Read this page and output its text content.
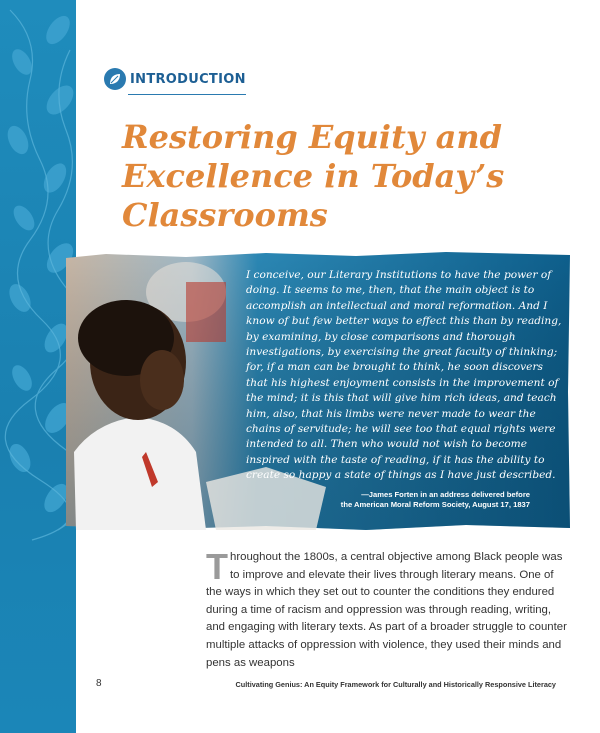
INTRODUCTION
Restoring Equity and Excellence in Today’s Classrooms

I conceive, our Literary Institutions to have the power of doing. It seems to me, then, that the main object is to accomplish an intellectual and moral reformation. And I know of but few better ways to effect this than by reading, by examining, by close comparisons and thorough investigations, by exercising the great faculty of thinking; for, if a man can be brought to think, he soon discovers that his highest enjoyment consists in the improvement of the mind; it is this that will give him rich ideas, and teach him, also, that his limbs were never made to wear the chains of servitude; he will see too that equal rights were intended to all. Then who would not wish to become inspired with the taste of reading, if it has the ability to create so happy a state of things as I have just described.

—James Forten in an address delivered before
the American Moral Reform Society, August 17, 1837

Throughout the 1800s, a central objective among Black people was to improve and elevate their lives through literary means. One of the ways in which they set out to counter the conditions they endured during a time of racism and oppression was through reading, writing, and engaging with literary texts. As part of a broader struggle to counter multiple attacks of oppression with violence, they used their minds and pens as weapons

8	Cultivating Genius: An Equity Framework for Culturally and Historically Responsive Literacy
